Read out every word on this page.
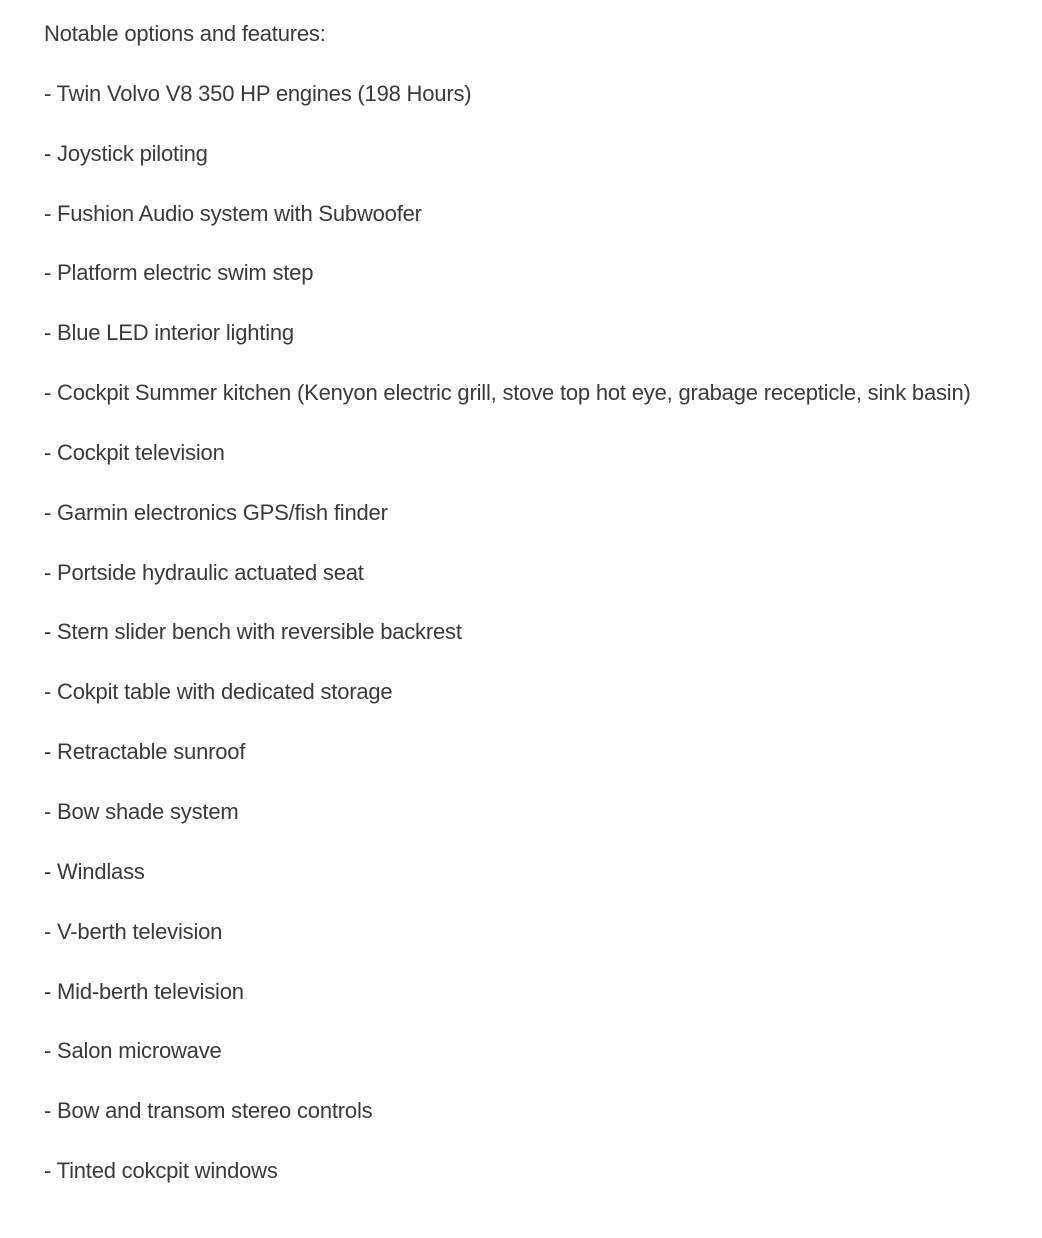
Notable options and features:
- Twin Volvo V8 350 HP engines (198 Hours)
- Joystick piloting
- Fushion Audio system with Subwoofer
- Platform electric swim step
- Blue LED interior lighting
- Cockpit Summer kitchen (Kenyon electric grill, stove top hot eye, grabage recepticle, sink basin)
- Cockpit television
- Garmin electronics GPS/fish finder
- Portside hydraulic actuated seat
- Stern slider bench with reversible backrest
- Cokpit table with dedicated storage
- Retractable sunroof
- Bow shade system
- Windlass
- V-berth television
- Mid-berth television
- Salon microwave
- Bow and transom stereo controls
- Tinted cokcpit windows
